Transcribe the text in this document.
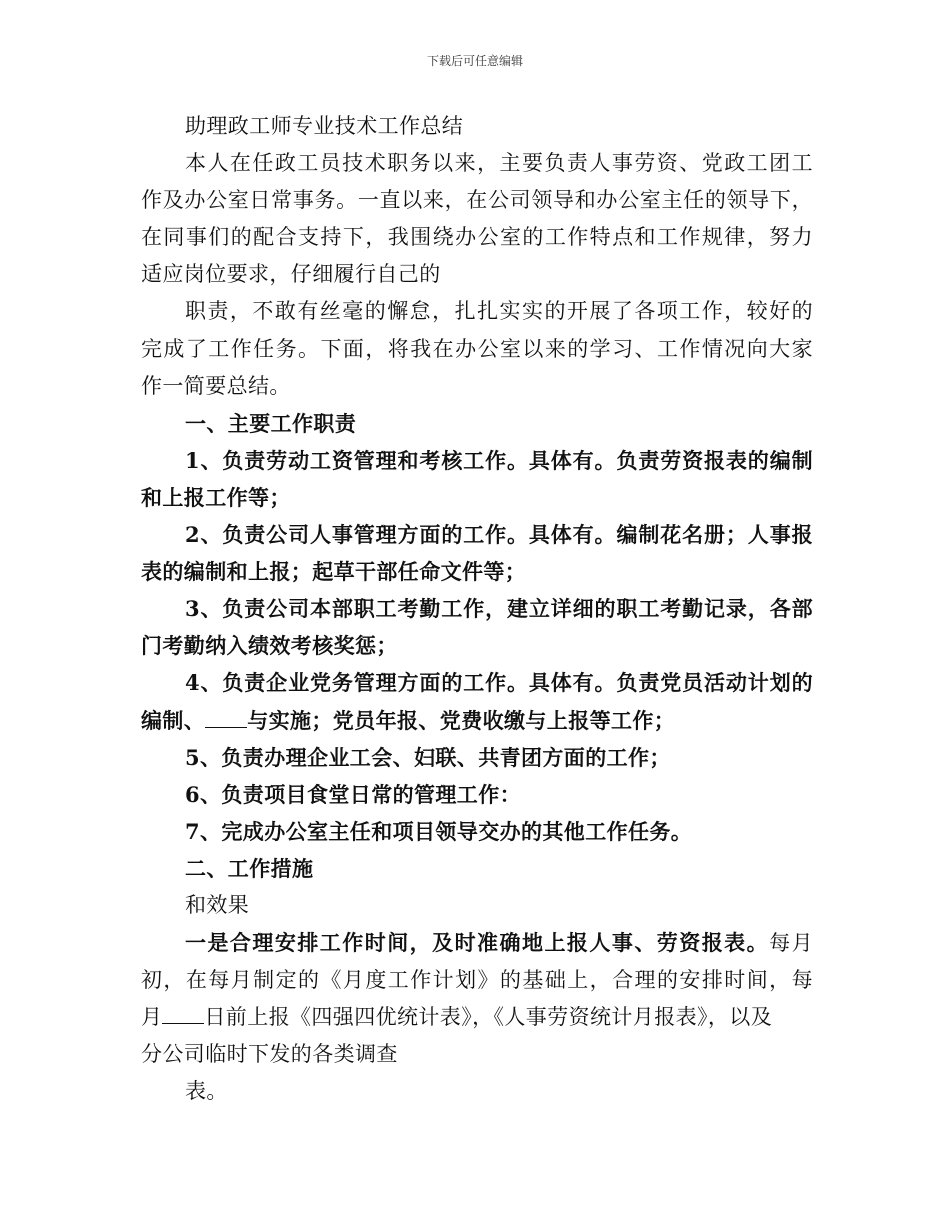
下载后可任意编辑
助理政工师专业技术工作总结
本人在任政工员技术职务以来，主要负责人事劳资、党政工团工
作及办公室日常事务。一直以来，在公司领导和办公室主任的领导下，
在同事们的配合支持下，我围绕办公室的工作特点和工作规律，努力
适应岗位要求，仔细履行自己的
职责，不敢有丝毫的懈怠，扎扎实实的开展了各项工作，较好的
完成了工作任务。下面，将我在办公室以来的学习、工作情况向大家
作一简要总结。
一、主要工作职责
1、负责劳动工资管理和考核工作。具体有。负责劳资报表的编制
和上报工作等；
2、负责公司人事管理方面的工作。具体有。编制花名册；人事报
表的编制和上报；起草干部任命文件等；
3、负责公司本部职工考勤工作，建立详细的职工考勤记录，各部
门考勤纳入绩效考核奖惩；
4、负责企业党务管理方面的工作。具体有。负责党员活动计划的
编制、 与实施；党员年报、党费收缴与上报等工作；
5、负责办理企业工会、妇联、共青团方面的工作；
6、负责项目食堂日常的管理工作：
7、完成办公室主任和项目领导交办的其他工作任务。
二、工作措施
和效果
一是合理安排工作时间，及时准确地上报人事、劳资报表。每月
初，在每月制定的《月度工作计划》的基础上，合理的安排时间，每
月 日前上报《四强四优统计表》，《人事劳资统计月报表》，以及
分公司临时下发的各类调查
表。
